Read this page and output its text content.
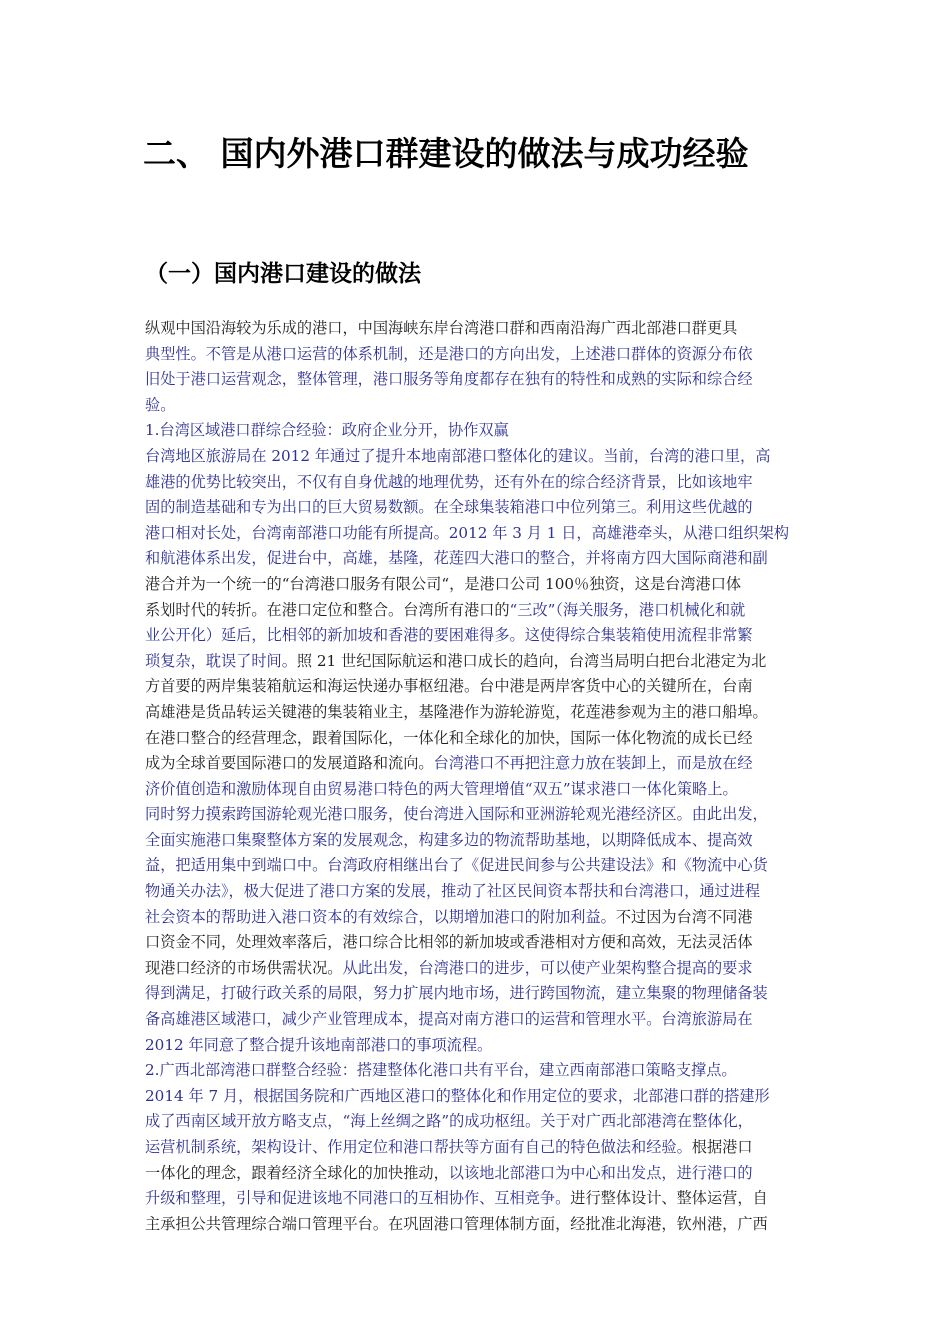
二、 国内外港口群建设的做法与成功经验
（一）国内港口建设的做法
纵观中国沿海较为乐成的港口，中国海峡东岸台湾港口群和西南沿海广西北部港口群更具
典型性。不管是从港口运营的体系机制，还是港口的方向出发，上述港口群体的资源分布依
旧处于港口运营观念，整体管理，港口服务等角度都存在独有的特性和成熟的实际和综合经
验。
1.台湾区域港口群综合经验：政府企业分开，协作双赢
台湾地区旅游局在 2012 年通过了提升本地南部港口整体化的建议。当前，台湾的港口里，高
雄港的优势比较突出，不仅有自身优越的地理优势，还有外在的综合经济背景，比如该地牢
固的制造基础和专为出口的巨大贸易数额。在全球集装箱港口中位列第三。利用这些优越的
港口相对长处，台湾南部港口功能有所提高。2012 年 3 月 1 日，高雄港牵头，从港口组织架构
和航港体系出发，促进台中，高雄，基隆，花莲四大港口的整合，并将南方四大国际商港和副
港合并为一个统一的“台湾港口服务有限公司“，是港口公司 100％独资，这是台湾港口体
系划时代的转折。在港口定位和整合。台湾所有港口的“三改”（海关服务，港口机械化和就
业公开化）延后，比相邻的新加坡和香港的要困难得多。这使得综合集装箱使用流程非常繁
琐复杂，耽误了时间。照 21 世纪国际航运和港口成长的趋向，台湾当局明白把台北港定为北
方首要的两岸集装箱航运和海运快递办事枢纽港。台中港是两岸客货中心的关键所在，台南
高雄港是货品转运关键港的集装箱业主，基隆港作为游轮游览，花莲港参观为主的港口船埠。
在港口整合的经营理念，跟着国际化，一体化和全球化的加快，国际一体化物流的成长已经
成为全球首要国际港口的发展道路和流向。台湾港口不再把注意力放在装卸上，而是放在经
济价值创造和激励体现自由贸易港口特色的两大管理增值“双五”谋求港口一体化策略上。
同时努力摸索跨国游轮观光港口服务，使台湾进入国际和亚洲游轮观光港经济区。由此出发，
全面实施港口集聚整体方案的发展观念，构建多边的物流帮助基地，以期降低成本、提高效
益，把适用集中到端口中。台湾政府相继出台了《促进民间参与公共建设法》和《物流中心货
物通关办法》，极大促进了港口方案的发展，推动了社区民间资本帮扶和台湾港口，通过进程
社会资本的帮助进入港口资本的有效综合，以期增加港口的附加利益。不过因为台湾不同港
口资金不同，处理效率落后，港口综合比相邻的新加坡或香港相对方便和高效，无法灵活体
现港口经济的市场供需状况。从此出发，台湾港口的进步，可以使产业架构整合提高的要求
得到满足，打破行政关系的局限，努力扩展内地市场，进行跨国物流，建立集聚的物理储备装
备高雄港区域港口，减少产业管理成本，提高对南方港口的运营和管理水平。台湾旅游局在
2012 年同意了整合提升该地南部港口的事项流程。
2.广西北部湾港口群整合经验：搭建整体化港口共有平台，建立西南部港口策略支撑点。
2014 年 7 月，根据国务院和广西地区港口的整体化和作用定位的要求，北部港口群的搭建形
成了西南区域开放方略支点，“海上丝绸之路”的成功枢纽。关于对广西北部港湾在整体化，
运营机制系统，架构设计、作用定位和港口帮扶等方面有自己的特色做法和经验。根据港口
一体化的理念，跟着经济全球化的加快推动，以该地北部港口为中心和出发点，进行港口的
升级和整理，引导和促进该地不同港口的互相协作、互相竞争。进行整体设计、整体运营，自
主承担公共管理综合端口管理平台。在巩固港口管理体制方面，经批准北海港，钦州港，广西
